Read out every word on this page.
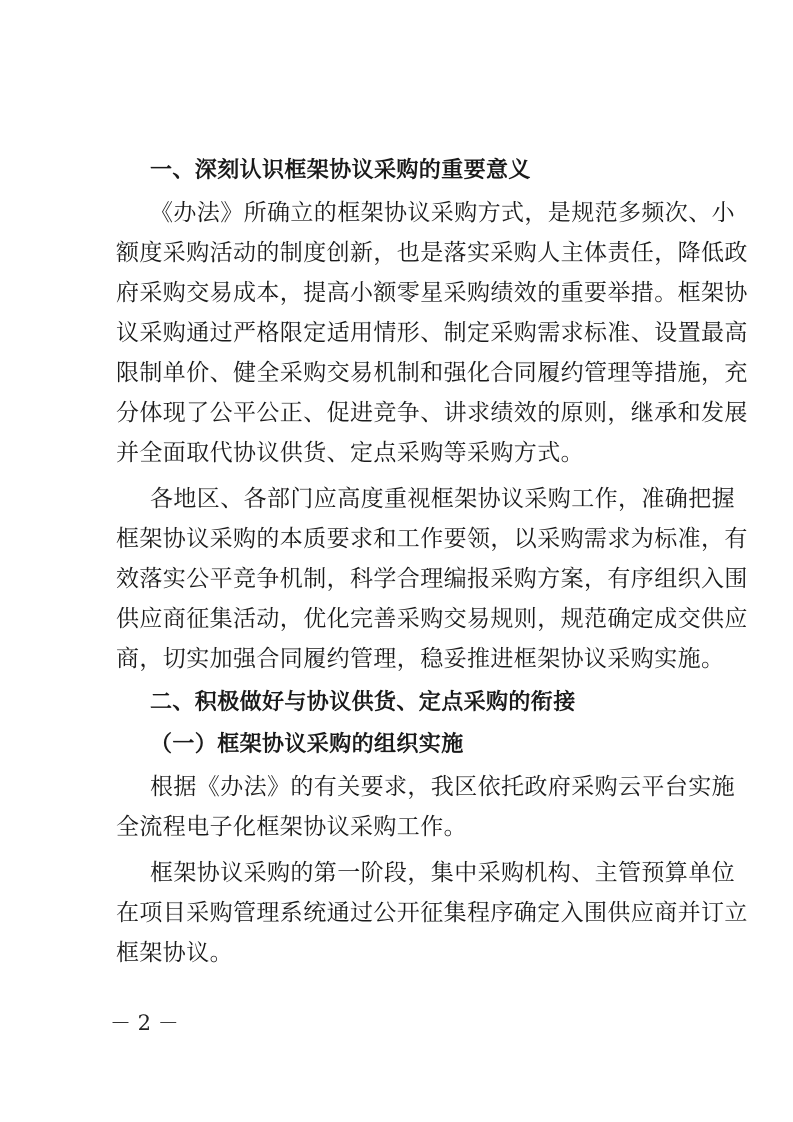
一、深刻认识框架协议采购的重要意义
《办法》所确立的框架协议采购方式，是规范多频次、小
额度采购活动的制度创新，也是落实采购人主体责任，降低政
府采购交易成本，提高小额零星采购绩效的重要举措。框架协
议采购通过严格限定适用情形、制定采购需求标准、设置最高
限制单价、健全采购交易机制和强化合同履约管理等措施，充
分体现了公平公正、促进竞争、讲求绩效的原则，继承和发展
并全面取代协议供货、定点采购等采购方式。
各地区、各部门应高度重视框架协议采购工作，准确把握
框架协议采购的本质要求和工作要领，以采购需求为标准，有
效落实公平竞争机制，科学合理编报采购方案，有序组织入围
供应商征集活动，优化完善采购交易规则，规范确定成交供应
商，切实加强合同履约管理，稳妥推进框架协议采购实施。
二、积极做好与协议供货、定点采购的衔接
（一）框架协议采购的组织实施
根据《办法》的有关要求，我区依托政府采购云平台实施
全流程电子化框架协议采购工作。
框架协议采购的第一阶段，集中采购机构、主管预算单位
在项目采购管理系统通过公开征集程序确定入围供应商并订立
框架协议。
－ 2 －
